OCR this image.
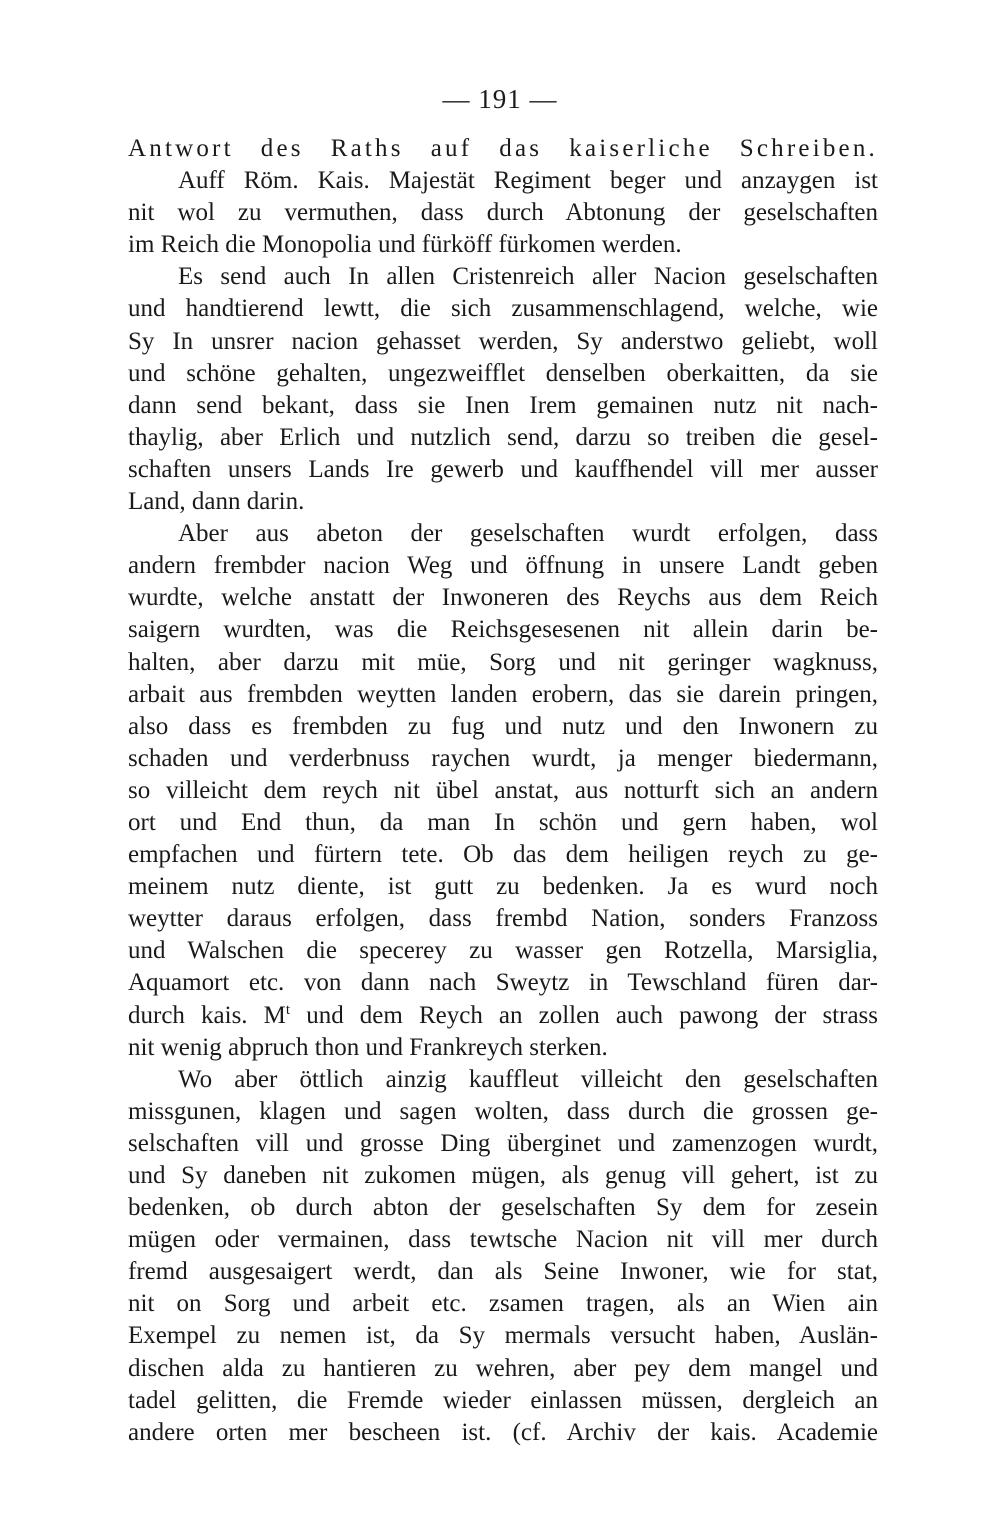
— 191 —
Antwort des Raths auf das kaiserliche Schreiben.
Auff Röm. Kais. Majestät Regiment beger und anzaygen ist
nit wol zu vermuthen, dass durch Abtonung der geselschaften
im Reich die Monopolia und fürköff fürkomen werden.
Es send auch In allen Cristenreich aller Nacion geselschaften
und handtierend lewtt, die sich zusammenschlagend, welche, wie
Sy In unsrer nacion gehasset werden, Sy anderstwo geliebt, woll
und schöne gehalten, ungezweifflet denselben oberkaitten, da sie
dann send bekant, dass sie Inen Irem gemainen nutz nit nach-
thaylig, aber Erlich und nutzlich send, darzu so treiben die gesel-
schaften unsers Lands Ire gewerb und kauffhendel vill mer ausser
Land, dann darin.
Aber aus abeton der geselschaften wurdt erfolgen, dass
andern frembder nacion Weg und öffnung in unsere Landt geben
wurdte, welche anstatt der Inwoneren des Reychs aus dem Reich
saigern wurdten, was die Reichsgesesenen nit allein darin be-
halten, aber darzu mit müe, Sorg und nit geringer wagknuss,
arbait aus frembden weytten landen erobern, das sie darein pringen,
also dass es frembden zu fug und nutz und den Inwonern zu
schaden und verderbnuss raychen wurdt, ja menger biedermann,
so villeicht dem reych nit übel anstat, aus notturft sich an andern
ort und End thun, da man In schön und gern haben, wol
empfachen und fürtern tete. Ob das dem heiligen reych zu ge-
meinem nutz diente, ist gutt zu bedenken. Ja es wurd noch
weytter daraus erfolgen, dass frembd Nation, sonders Franzoss
und Walschen die specerey zu wasser gen Rotzella, Marsiglia,
Aquamort etc. von dann nach Sweytz in Tewschland füren dar-
durch kais. $M^t$ und dem Reych an zollen auch pawong der strass
nit wenig abpruch thon und Frankreych sterken.
Wo aber öttlich ainzig kauffleut villeicht den geselschaften
missgunen, klagen und sagen wolten, dass durch die grossen ge-
selschaften vill und grosse Ding überginet und zamenzogen wurdt,
und Sy daneben nit zukomen mügen, als genug vill gehert, ist zu
bedenken, ob durch abton der geselschaften Sy dem for zesein
mügen oder vermainen, dass tewtsche Nacion nit vill mer durch
fremd ausgesaigert werdt, dan als Seine Inwoner, wie for stat,
nit on Sorg und arbeit etc. zsamen tragen, als an Wien ain
Exempel zu nemen ist, da Sy mermals versucht haben, Auslän-
dischen alda zu hantieren zu wehren, aber pey dem mangel und
tadel gelitten, die Fremde wieder einlassen müssen, dergleich an
andere orten mer bescheen ist. (cf. Archiv der kais. Academie
